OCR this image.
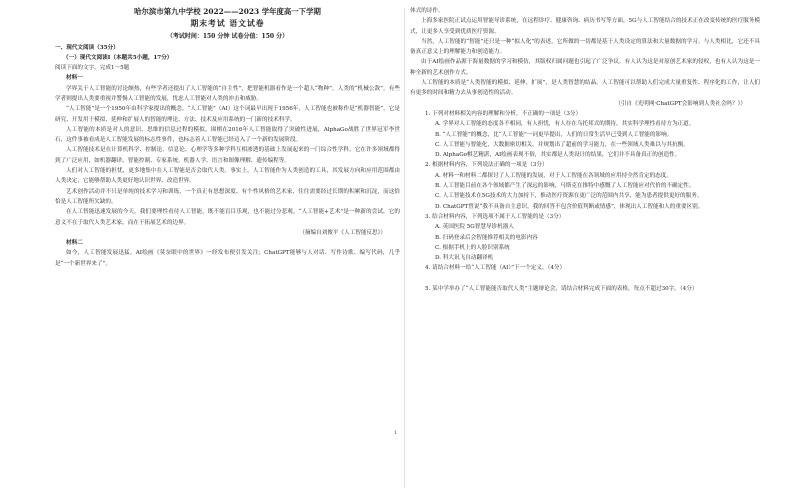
哈尔滨市第九中学校 2022——2023 学年度高一下学期
期末考试 语文试卷
（考试时间：150 分钟 试卷分值：150 分）
一、现代文阅读（35分）
（一）现代文阅读Ⅰ（本题共5小题，17分）

阅读下面的文字，完成1～5题

材料一

学界关于人工智能的讨论颇热，有些学者还提出了人工智能的“自主性”，把智能机器看作是一个超人“物种”，人类的“机械公敌”。有些学者则提出人类要重视并警惕人工智能的发展，忧虑人工智能对人类的冲击和威胁。

“人工智能”是一个1950年由科学家提出的概念。“人工智能”（AI）这个词最早出现于1956年，人工智能也被称作是“机器智能”，它是研究、开发用于模拟、延伸和扩展人的智能的理论、方法、技术及应用系统的一门新的技术科学。

人工智能的本质是对人的意识、思维的信息过程的模拟。围棋在2016年人工智能取得了突破性进展，AlphaGo战胜了世界冠军李世石，这件事被看成是人工智能发展的标志性事件，也标志着人工智能已经迈入了一个新的发展阶段。

人工智能技术是在计算机科学、控制论、信息论、心理学等多种学科互相渗透的基础上发展起来的一门综合性学科，它在许多领域都得到了广泛应用，如机器翻译、智能控制、专家系统、机器人学、语言和图像理解、遗传编程等。

人们对人工智能的担忧，更多地集中在人工智能是否会取代人类。事实上，人工智能作为人类创造的工具，其发展方向和应用范围都由人类决定，它能够帮助人类更好地认识世界、改造世界。

艺术创作活动并不只是单纯的技术学习和训练，一个真正有思想深度、有个性风格的艺术家，往往需要经过长期的积累和沉淀，而这恰恰是人工智能所欠缺的。

在人工智能迅速发展的今天，我们要理性看待人工智能，既不能盲目乐观，也不能过分悲观。“人工智能+艺术”是一种新的尝试，它的意义不在于取代人类艺术家，而在于拓展艺术的边界。

（摘编自刘俊平《人工智能反思》）

材料二

如今，人工智能发展迅猛，AI绘画《莫奈眼中的世界》一经发布便引发关注；ChatGPT能够与人对话、写作诗歌、编写代码，几乎是“一个新世界来了”。

体式的诗作。

上海多家医院正试点运用智能导诊系统，在远程诊疗、健康咨询、病历书写等方面，5G与人工智能结合的技术正在改变传统的医疗服务模式，让更多人享受到优质医疗资源。

当然，人工智能的“智能”还只是一种“拟人化”的表述，它所做的一切都是基于人类设定的算法和大量数据的学习。与人类相比，它还不具备真正意义上的理解能力和创造能力。

由于AI绘画作品源于海量数据的学习和模仿，其版权归属问题也引起了广泛争议。有人认为这是对原创艺术家的侵权，也有人认为这是一种全新的艺术创作方式。

人工智能的本质是“人类智能的模拟、延伸、扩展”，是人类智慧的结晶。人工智能可以帮助人们完成大量重复性、程序化的工作，让人们有更多的时间和精力去从事创造性的活动。

（引自《光明网·ChatGPT会影响到人类社会吗？》）

1. 下列对材料相关内容的理解和分析，不正确的一项是（3分）

A. 学界对人工智能的态度各不相同，有人担忧，有人存在乌托邦式的期待，其实科学理性看待方为正道。

B. “人工智能”的概念，比“人工智能”一词更早提出，人们的日常生活早已受到人工智能的影响。

C. 人工智能与智能化，大数据密切相关，并规划出了超前的学习能力，在一些领域人类难以与其抗衡。

D. AlphaGo棋艺精湛，AI绘画表现不俗，其实都是人类设计的结果，它们并不具备真正的创造性。

2. 根据材料内容，下列说法正确的一项是（3分）

A. 材料一和材料二都探讨了人工智能的发展，对于人工智能在各领域的应用持全然肯定的态度。

B. 人工智能目前在各个领域都产生了深远的影响，马斯克在推特中感慨了人工智能应对代价的不确定性。

C. 人工智能技术在5G技术的大力加持下，推动医疗资源在更广泛的范围内共享，能为患者提供更好的服务。

D. ChatGPT曾说“我不具备自主意识，我的回答不包含价值判断或情感”，体现出人工智能和人的重要区别。

3. 结合材料内容，下列选项不属于人工智能的是（3分）

A. 英国医院 5G智慧导诊机器人

B. 扫码登录后会智能推荐相关的电影内容

C. 根据手机上的人脸识别系统

D. 科大讯飞自动翻译机

4. 请结合材料一给“人工智能（AI）”下一个定义。（4分）

5. 某中学举办了“人工智能能否取代人类”主题辩论会，请结合材料完成下面的表格，每点不超过30字。（4分）

1
